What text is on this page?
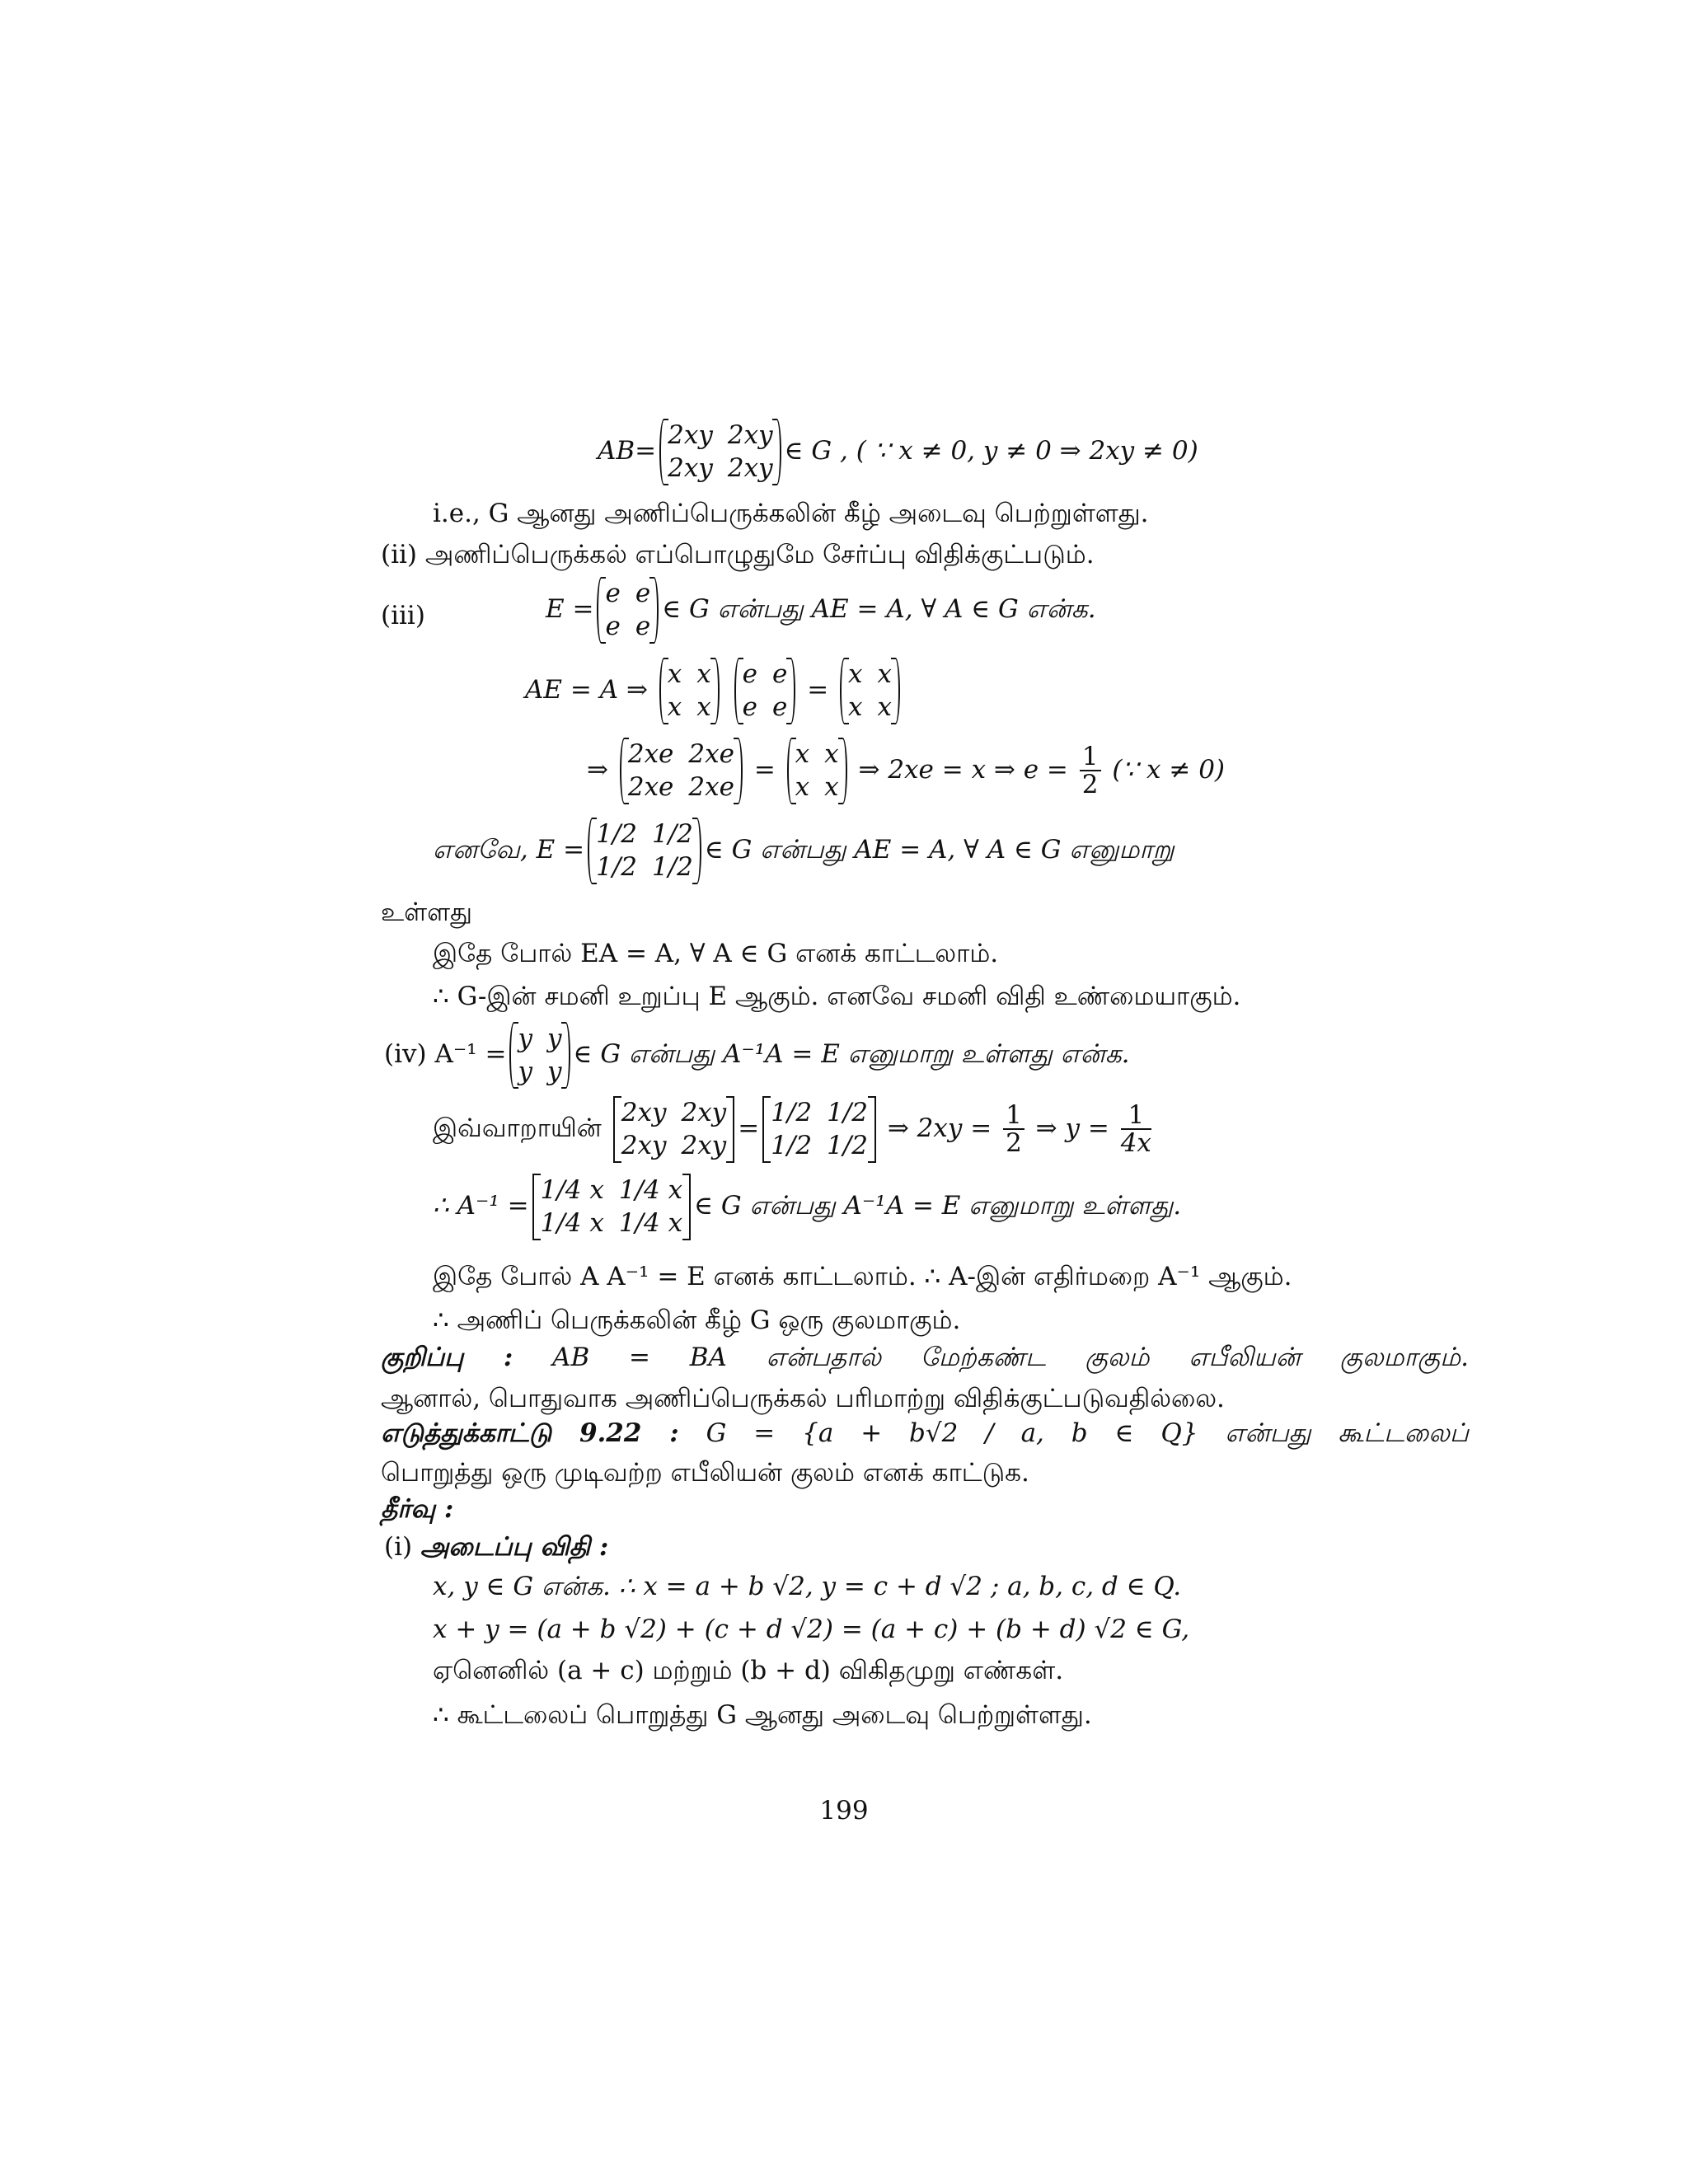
AB=
2xy 2xy
2xy 2xy
∈ G , ( ∵ x ≠ 0, y ≠ 0 ⇒ 2xy ≠ 0)
i.e., G ஆனது அணிப்பெருக்கலின் கீழ் அடைவு பெற்றுள்ளது.
(ii) அணிப்பெருக்கல் எப்பொழுதுமே சேர்ப்பு விதிக்குட்படும்.
(iii)	E =
e e
e e
∈ G என்பது AE = A, ∀ A ∈ G என்க.
AE = A ⇒
x x
x x

e e
e e
=
x x
x x
⇒
2xe 2xe
2xe 2xe
=
x x
x x
⇒ 2xe = x ⇒ $e = \frac{1}{2}$ (∵ x ≠ 0)
எனவே, E =
1/2 1/2
1/2 1/2
∈ G என்பது AE = A, ∀ A ∈ G எனுமாறு
உள்ளது
இதே போல் EA = A, ∀ A ∈ G எனக் காட்டலாம்.
∴ G-இன் சமனி உறுப்பு E ஆகும். எனவே சமனி விதி உண்மையாகும்.
(iv) A⁻¹ =
y y
y y
∈ G என்பது A⁻¹A = E எனுமாறு உள்ளது என்க.
இவ்வாறாயின்
2xy 2xy
2xy 2xy
=
1/2 1/2
1/2 1/2
⇒ $2xy = \frac{1}{2}$ ⇒ $y = \frac{1}{4x}$
∴ A⁻¹ =
1/4 x 1/4 x
1/4 x 1/4 x
∈ G என்பது A⁻¹A = E எனுமாறு உள்ளது.
இதே போல் A A⁻¹ = E எனக் காட்டலாம். ∴ A-இன் எதிர்மறை A⁻¹ ஆகும்.
∴ அணிப் பெருக்கலின் கீழ் G ஒரு குலமாகும்.
குறிப்பு : AB = BA என்பதால் மேற்கண்ட குலம் எபீலியன் குலமாகும்.
ஆனால், பொதுவாக அணிப்பெருக்கல் பரிமாற்று விதிக்குட்படுவதில்லை.
எடுத்துக்காட்டு 9.22 : G = {a + b√2 / a, b ∈ Q} என்பது கூட்டலைப்
பொறுத்து ஒரு முடிவற்ற எபீலியன் குலம் எனக் காட்டுக.
தீர்வு :
(i) அடைப்பு விதி :
x, y ∈ G என்க. ∴ x = a + b √2, y = c + d √2 ; a, b, c, d ∈ Q.
x + y = (a + b √2) + (c + d √2) = (a + c) + (b + d) √2 ∈ G,
ஏனெனில் (a + c) மற்றும் (b + d) விகிதமுறு எண்கள்.
∴ கூட்டலைப் பொறுத்து G ஆனது அடைவு பெற்றுள்ளது.
199
